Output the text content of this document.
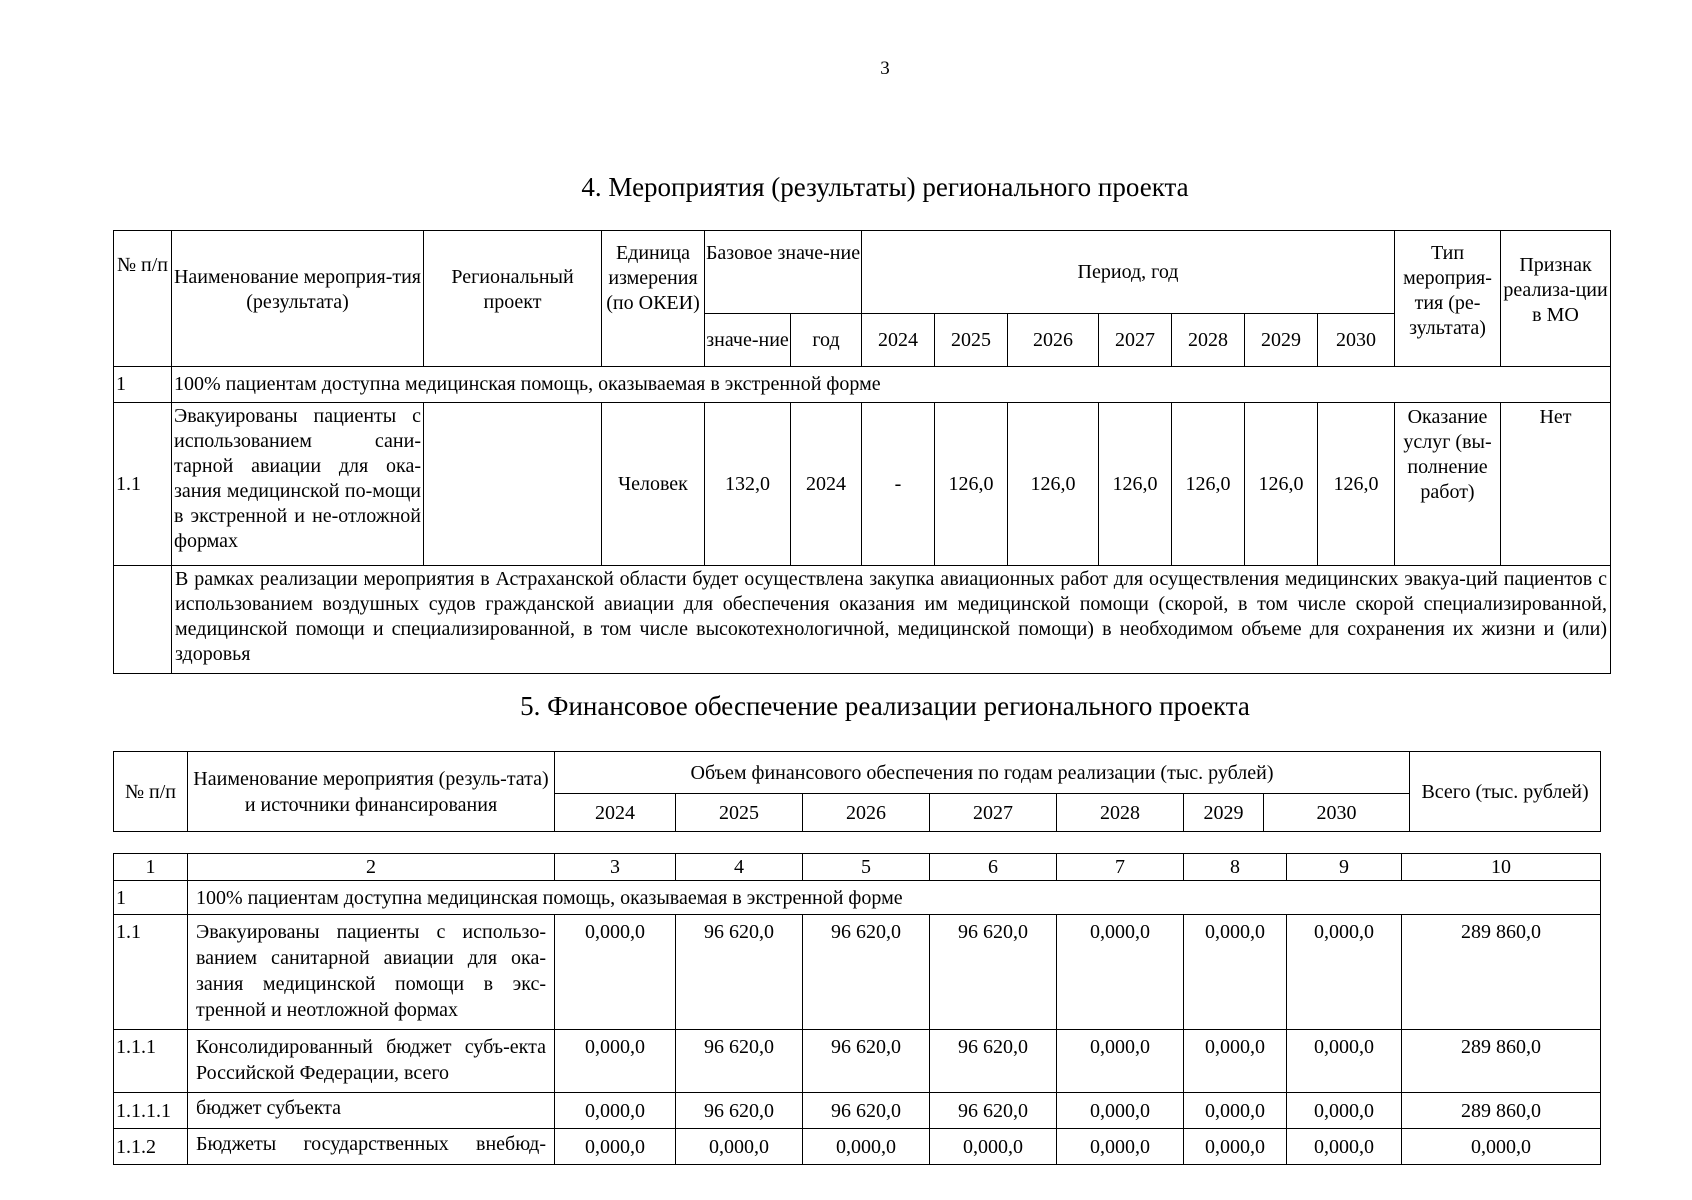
3
4. Мероприятия (результаты) регионального проекта
№ п/п	Наименование мероприя-тия (результата)	Региональный проект	Единица измерения (по ОКЕИ)	Базовое значе-ние		Период, год							Тип мероприя-тия (ре-зультата)	Признак реализа-ции в МО
				значе-ние	год	2024	2025	2026	2027	2028	2029	2030		
1	100% пациентам доступна медицинская помощь, оказываемая в экстренной форме													
1.1	Эвакуированы пациенты с использованием сани-тарной авиации для ока-зания медицинской по-мощи в экстренной и не-отложной формах		Человек	132,0	2024	-	126,0	126,0	126,0	126,0	126,0	126,0	Оказание услуг (вы-полнение работ)	Нет
	В рамках реализации мероприятия в Астраханской области будет осуществлена закупка авиационных работ для осуществления медицинских эвакуа-ций пациентов с использованием воздушных судов гражданской авиации для обеспечения оказания им медицинской помощи (скорой, в том числе скорой специализированной, медицинской помощи и специализированной, в том числе высокотехнологичной, медицинской помощи) в необходимом объеме для сохранения их жизни и (или) здоровья													
5. Финансовое обеспечение реализации регионального проекта
№ п/п	Наименование мероприятия (резуль-тата) и источники финансирования	Объем финансового обеспечения по годам реализации (тыс. рублей)							Всего (тыс. рублей)
		2024	2025	2026	2027	2028	2029	2030	
1	2	3	4	5	6	7	8	9	10
1	100% пациентам доступна медицинская помощь, оказываемая в экстренной форме								
1.1	Эвакуированы пациенты с использо-ванием санитарной авиации для ока-зания медицинской помощи в экс-тренной и неотложной формах	0,000,0	96 620,0	96 620,0	96 620,0	0,000,0	0,000,0	0,000,0	289 860,0
1.1.1	Консолидированный бюджет субъ-екта Российской Федерации, всего	0,000,0	96 620,0	96 620,0	96 620,0	0,000,0	0,000,0	0,000,0	289 860,0
1.1.1.1	бюджет субъекта	0,000,0	96 620,0	96 620,0	96 620,0	0,000,0	0,000,0	0,000,0	289 860,0
1.1.2	Бюджеты государственных внебюд-	0,000,0	0,000,0	0,000,0	0,000,0	0,000,0	0,000,0	0,000,0	0,000,0
